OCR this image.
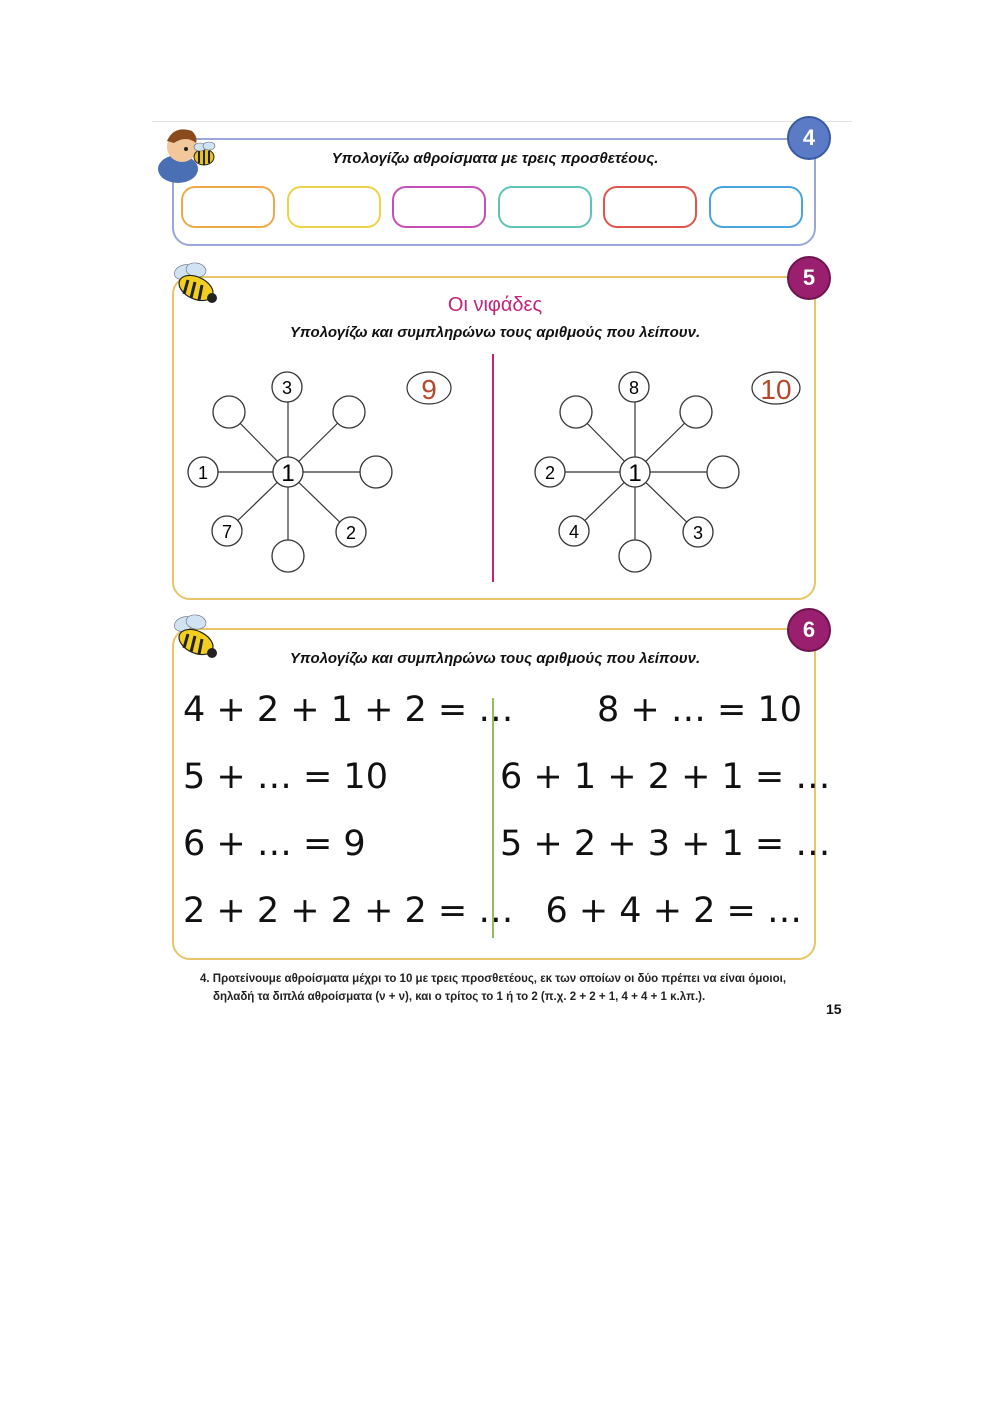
4
Υπολογίζω αθροίσματα με τρεις προσθετέους.
5
Οι νιφάδες
Υπολογίζω και συμπληρώνω τους αριθμούς που λείπουν.
1
3
1
7	2
9
1
8
2
4	3
10
6
Υπολογίζω και συμπληρώνω τους αριθμούς που λείπουν.
4 + 2 + 1 + 2 = …
5 + … = 10
6 + … = 9
2 + 2 + 2 + 2 = …
8 + … = 10
6 + 1 + 2 + 1 = …
5 + 2 + 3 + 1 = …
6 + 4 + 2 = …
4. Προτείνουμε αθροίσματα μέχρι το 10 με τρεις προσθετέους, εκ των οποίων οι δύο πρέπει να είναι όμοιοι,
δηλαδή τα διπλά αθροίσματα (ν + ν), και ο τρίτος το 1 ή το 2 (π.χ. 2 + 2 + 1, 4 + 4 + 1 κ.λπ.).
15
